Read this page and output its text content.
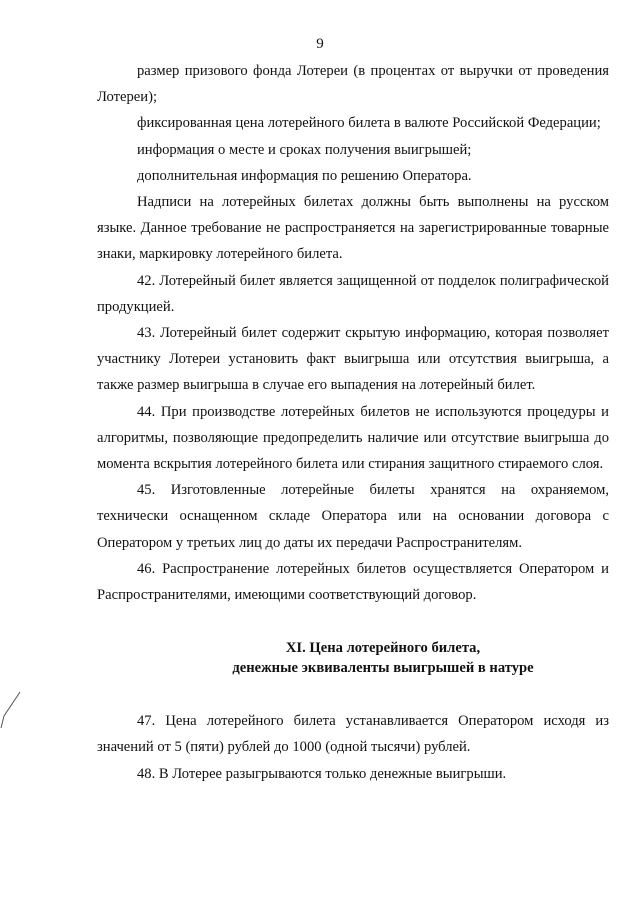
9

размер призового фонда Лотереи (в процентах от выручки от проведения Лотереи);

фиксированная цена лотерейного билета в валюте Российской Федерации;

информация о месте и сроках получения выигрышей;

дополнительная информация по решению Оператора.

Надписи на лотерейных билетах должны быть выполнены на русском языке. Данное требование не распространяется на зарегистрированные товарные знаки, маркировку лотерейного билета.

42. Лотерейный билет является защищенной от подделок полиграфической продукцией.

43. Лотерейный билет содержит скрытую информацию, которая позволяет участнику Лотереи установить факт выигрыша или отсутствия выигрыша, а также размер выигрыша в случае его выпадения на лотерейный билет.

44. При производстве лотерейных билетов не используются процедуры и алгоритмы, позволяющие предопределить наличие или отсутствие выигрыша до момента вскрытия лотерейного билета или стирания защитного стираемого слоя.

45. Изготовленные лотерейные билеты хранятся на охраняемом, технически оснащенном складе Оператора или на основании договора с Оператором у третьих лиц до даты их передачи Распространителям.

46. Распространение лотерейных билетов осуществляется Оператором и Распространителями, имеющими соответствующий договор.

XI. Цена лотерейного билета,

денежные эквиваленты выигрышей в натуре

47. Цена лотерейного билета устанавливается Оператором исходя из значений от 5 (пяти) рублей до 1000 (одной тысячи) рублей.

48. В Лотерее разыгрываются только денежные выигрыши.
